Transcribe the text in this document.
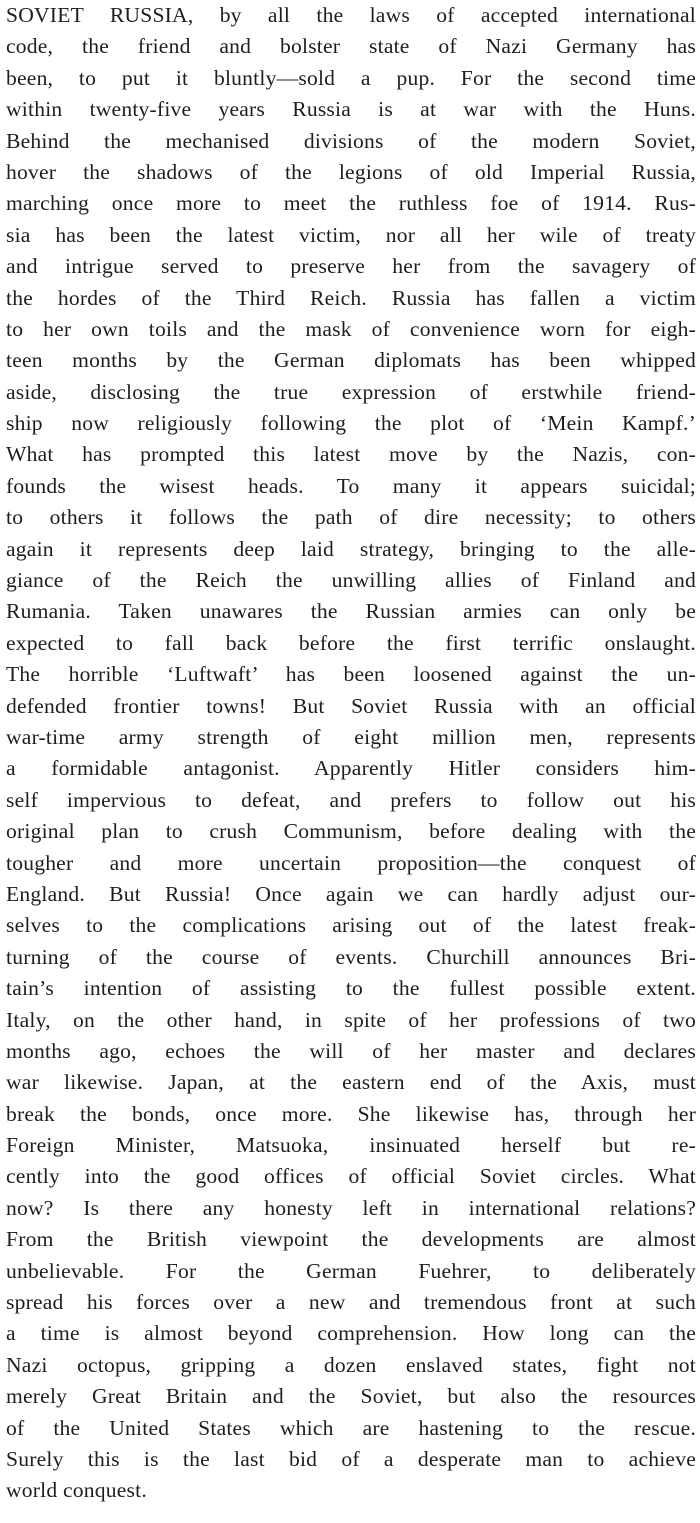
SOVIET RUSSIA, by all the laws of accepted international
code, the friend and bolster state of Nazi Germany has
been, to put it bluntly—sold a pup. For the second time
within twenty-five years Russia is at war with the Huns.
Behind the mechanised divisions of the modern Soviet,
hover the shadows of the legions of old Imperial Russia,
marching once more to meet the ruthless foe of 1914. Rus-
sia has been the latest victim, nor all her wile of treaty
and intrigue served to preserve her from the savagery of
the hordes of the Third Reich. Russia has fallen a victim
to her own toils and the mask of convenience worn for eigh-
teen months by the German diplomats has been whipped
aside, disclosing the true expression of erstwhile friend-
ship now religiously following the plot of ‘Mein Kampf.’
What has prompted this latest move by the Nazis, con-
founds the wisest heads. To many it appears suicidal;
to others it follows the path of dire necessity; to others
again it represents deep laid strategy, bringing to the alle-
giance of the Reich the unwilling allies of Finland and
Rumania. Taken unawares the Russian armies can only be
expected to fall back before the first terrific onslaught.
The horrible ‘Luftwaft’ has been loosened against the un-
defended frontier towns! But Soviet Russia with an official
war-time army strength of eight million men, represents
a formidable antagonist. Apparently Hitler considers him-
self impervious to defeat, and prefers to follow out his
original plan to crush Communism, before dealing with the
tougher and more uncertain proposition—the conquest of
England. But Russia! Once again we can hardly adjust our-
selves to the complications arising out of the latest freak-
turning of the course of events. Churchill announces Bri-
tain’s intention of assisting to the fullest possible extent.
Italy, on the other hand, in spite of her professions of two
months ago, echoes the will of her master and declares
war likewise. Japan, at the eastern end of the Axis, must
break the bonds, once more. She likewise has, through her
Foreign Minister, Matsuoka, insinuated herself but re-
cently into the good offices of official Soviet circles. What
now? Is there any honesty left in international relations?
From the British viewpoint the developments are almost
unbelievable. For the German Fuehrer, to deliberately
spread his forces over a new and tremendous front at such
a time is almost beyond comprehension. How long can the
Nazi octopus, gripping a dozen enslaved states, fight not
merely Great Britain and the Soviet, but also the resources
of the United States which are hastening to the rescue.
Surely this is the last bid of a desperate man to achieve
world conquest.
